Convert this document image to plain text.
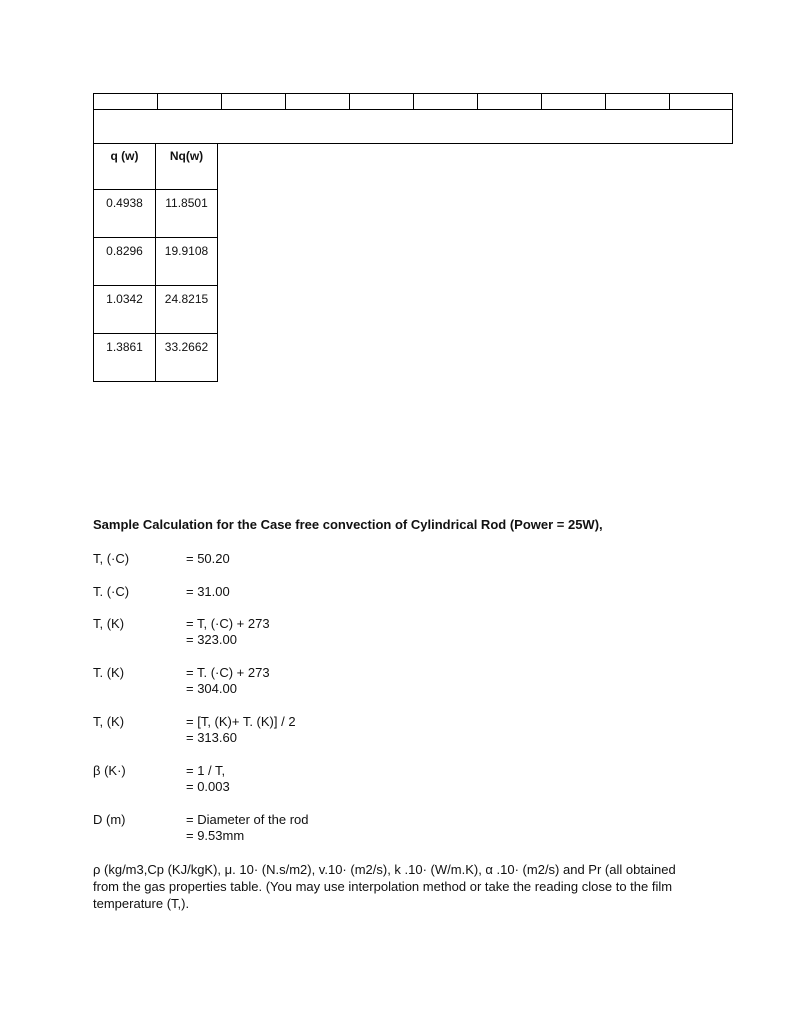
q (w)	Nq(w)
0.4938	11.8501
0.8296	19.9108
1.0342	24.8215
1.3861	33.2662
Sample Calculation for the Case free convection of Cylindrical Rod (Power = 25W),
T, (·C)	= 50.20
T. (·C)	= 31.00
T, (K)	= T, (·C) + 273
= 323.00
T. (K)	= T. (·C) + 273
= 304.00
T, (K)	= [T, (K)+ T. (K)] / 2
= 313.60
β (K·)	= 1 / T,
= 0.003
D (m)	= Diameter of the rod
= 9.53mm
ρ (kg/m3,Cp (KJ/kgK), μ. 10· (N.s/m2), v.10· (m2/s), k .10· (W/m.K), α .10· (m2/s) and Pr (all obtained from the gas properties table. (You may use interpolation method or take the reading close to the film temperature (T,).
